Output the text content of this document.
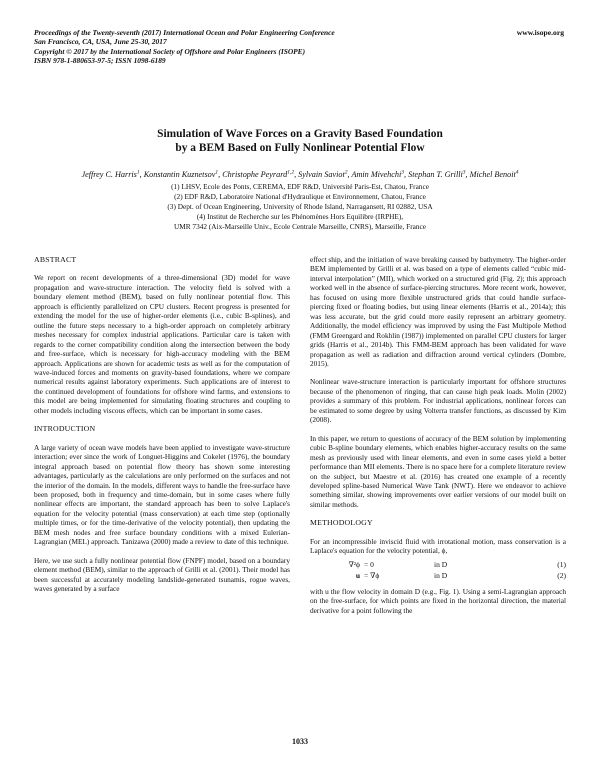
Proceedings of the Twenty-seventh (2017) International Ocean and Polar Engineering Conference
San Francisco, CA, USA, June 25-30, 2017
Copyright © 2017 by the International Society of Offshore and Polar Engineers (ISOPE)
ISBN 978-1-880653-97-5; ISSN 1098-6189
www.isope.org
Simulation of Wave Forces on a Gravity Based Foundation
by a BEM Based on Fully Nonlinear Potential Flow
Jeffrey C. Harris$^1$, Konstantin Kuznetsov$^1$, Christophe Peyrard$^{1,2}$, Sylvain Saviot$^2$, Amin Mivehchi$^3$, Stephan T. Grilli$^3$, Michel Benoit$^4$
(1) LHSV, Ecole des Ponts, CEREMA, EDF R&D, Université Paris-Est, Chatou, France
(2) EDF R&D, Laboratoire National d'Hydraulique et Environnement, Chatou, France
(3) Dept. of Ocean Engineering, University of Rhode Island, Narragansett, RI 02882, USA
(4) Institut de Recherche sur les Phénomènes Hors Equilibre (IRPHE),
UMR 7342 (Aix-Marseille Univ., Ecole Centrale Marseille, CNRS), Marseille, France
ABSTRACT

We report on recent developments of a three-dimensional (3D) model for wave propagation and wave-structure interaction. The velocity field is solved with a boundary element method (BEM), based on fully nonlinear potential flow. This approach is efficiently parallelized on CPU clusters. Recent progress is presented for extending the model for the use of higher-order elements (i.e., cubic B-splines), and outline the future steps necessary to a high-order approach on completely arbitrary meshes necessary for complex industrial applications. Particular care is taken with regards to the corner compatibility condition along the intersection between the body and free-surface, which is necessary for high-accuracy modeling with the BEM approach. Applications are shown for academic tests as well as for the computation of wave-induced forces and moments on gravity-based foundations, where we compare numerical results against laboratory experiments. Such applications are of interest to the continued development of foundations for offshore wind farms, and extensions to this model are being implemented for simulating floating structures and coupling to other models including viscous effects, which can be important in some cases.

INTRODUCTION

A large variety of ocean wave models have been applied to investigate wave-structure interaction; ever since the work of Longuet-Higgins and Cokelet (1976), the boundary integral approach based on potential flow theory has shown some interesting advantages, particularly as the calculations are only performed on the surfaces and not the interior of the domain. In the models, different ways to handle the free-surface have been proposed, both in frequency and time-domain, but in some cases where fully nonlinear effects are important, the standard approach has been to solve Laplace's equation for the velocity potential (mass conservation) at each time step (optionally multiple times, or for the time-derivative of the velocity potential), then updating the BEM mesh nodes and free surface boundary conditions with a mixed Eulerian-Lagrangian (MEL) approach. Tanizawa (2000) made a review to date of this technique.

Here, we use such a fully nonlinear potential flow (FNPF) model, based on a boundary element method (BEM), similar to the approach of Grilli et al. (2001). Their model has been successful at accurately modeling landslide-generated tsunamis, rogue waves, waves generated by a surface

effect ship, and the initiation of wave breaking caused by bathymetry. The higher-order BEM implemented by Grilli et al. was based on a type of elements called “cubic mid-interval interpolation” (MII), which worked on a structured grid (Fig. 2); this approach worked well in the absence of surface-piercing structures. More recent work, however, has focused on using more flexible unstructured grids that could handle surface-piercing fixed or floating bodies, but using linear elements (Harris et al., 2014a); this was less accurate, but the grid could more easily represent an arbitrary geometry. Additionally, the model efficiency was improved by using the Fast Multipole Method (FMM Greengard and Rokhlin (1987)) implemented on parallel CPU clusters for larger grids (Harris et al., 2014b). This FMM-BEM approach has been validated for wave propagation as well as radiation and diffraction around vertical cylinders (Dombre, 2015).

Nonlinear wave-structure interaction is particularly important for offshore structures because of the phenomenon of ringing, that can cause high peak loads. Molin (2002) provides a summary of this problem. For industrial applications, nonlinear forces can be estimated to some degree by using Volterra transfer functions, as discussed by Kim (2008).

In this paper, we return to questions of accuracy of the BEM solution by implementing cubic B-spline boundary elements, which enables higher-accuracy results on the same mesh as previously used with linear elements, and even in some cases yield a better performance than MII elements. There is no space here for a complete literature review on the subject, but Maestre et al. (2016) has created one example of a recently developed spline-based Numerical Wave Tank (NWT). Here we endeavor to achieve something similar, showing improvements over earlier versions of our model built on similar methods.

METHODOLOGY

For an incompressible inviscid fluid with irrotational motion, mass conservation is a Laplace's equation for the velocity potential, ϕ,

∇²ϕ = 0	in D	(1)
u = ∇ϕ	in D	(2)

with u the flow velocity in domain D (e.g., Fig. 1). Using a semi-Lagrangian approach on the free-surface, for which points are fixed in the horizontal direction, the material derivative for a point following the

1033
